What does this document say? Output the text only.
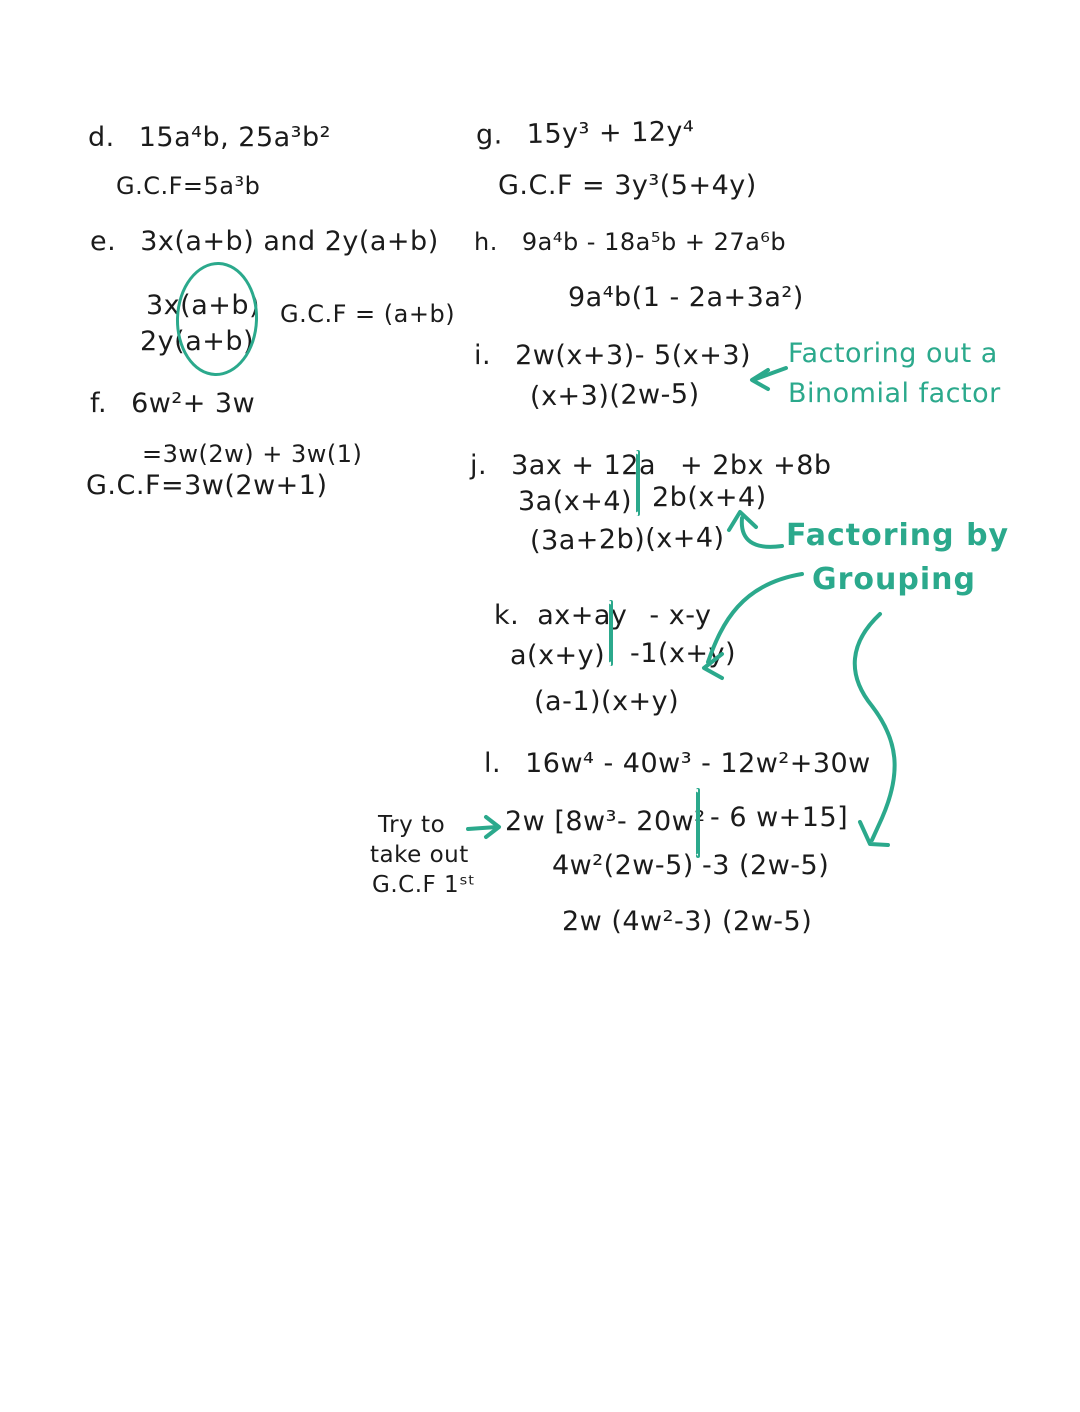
d. 15a⁴b, 25a³b²
G.C.F=5a³b
e. 3x(a+b) and 2y(a+b)
3x(a+b)
2y(a+b)
G.C.F = (a+b)
f. 6w²+ 3w
=3w(2w) + 3w(1)
G.C.F=3w(2w+1)
g. 15y³ + 12y⁴
G.C.F = 3y³(5+4y)
h. 9a⁴b - 18a⁵b + 27a⁶b
9a⁴b(1 - 2a+3a²)
i. 2w(x+3)- 5(x+3)
(x+3)(2w-5)
Factoring out a
Binomial factor
j. 3ax + 12a + 2bx +8b
3a(x+4) 2b(x+4)
(3a+2b)(x+4) Factoring by
Grouping
k. ax+ay - x-y
a(x+y) -1(x+y)
(a-1)(x+y)
l. 16w⁴ - 40w³ - 12w²+30w
Try to
take out
G.C.F 1ˢᵗ
2w [8w³- 20w² - 6 w+15]
4w²(2w-5) -3 (2w-5)
2w (4w²-3) (2w-5)
